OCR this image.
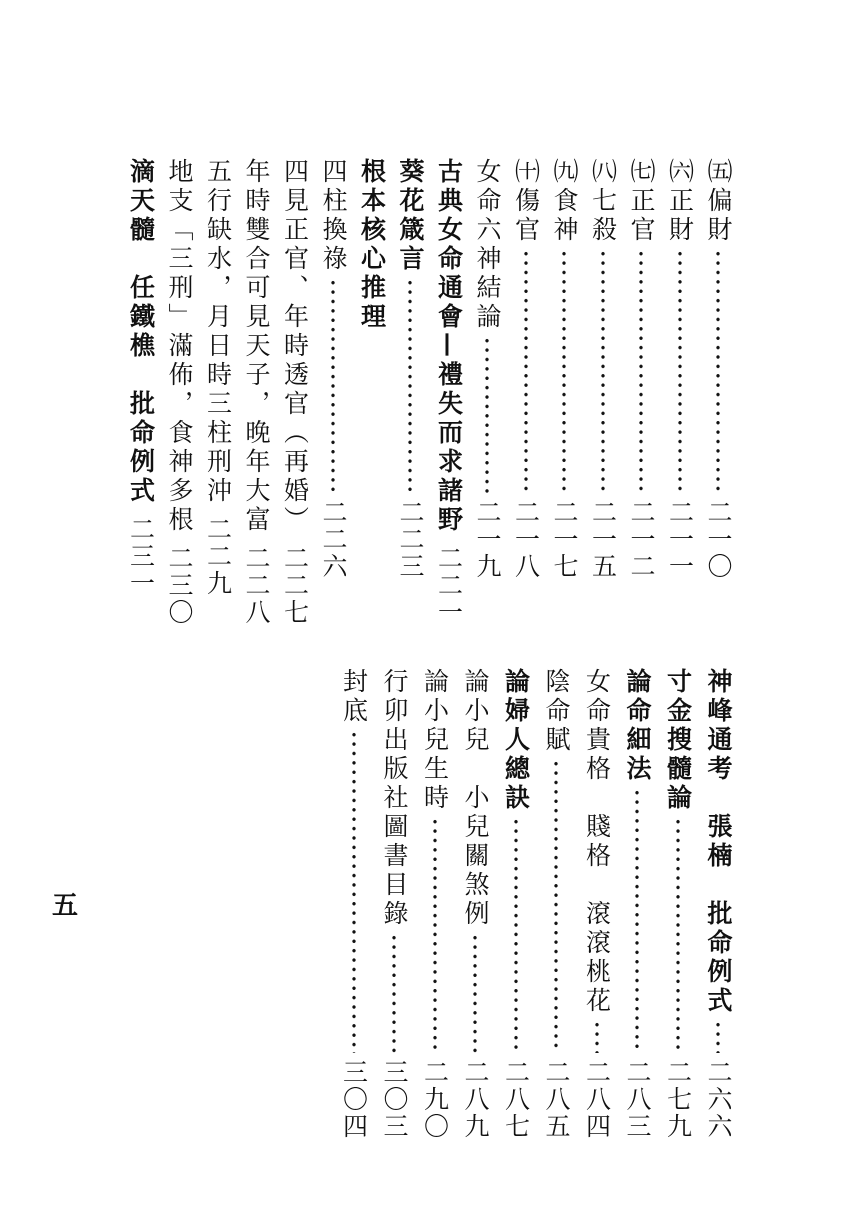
㈤偏財
二一〇
㈥正財
二一一
㈦正官
二一二
㈧七殺
二一五
㈨食神
二一七
㈩傷官
二一八
女命六神結論
二一九
古典女命通會—禮失而求諸野
二二一
葵花箴言
二二三
根本核心推理
四柱換祿
二二六
四見正官、年時透官（再婚）
二二七
年時雙合可見天子，晚年大富
二二八
五行缺水，月日時三柱刑沖
二二九
地支「三刑」滿佈，食神多根
二三〇
滴天髓　任鐵樵　批命例式
二三一
神峰通考　張楠　批命例式
二六六
寸金搜髓論
二七九
論命細法
二八三
女命貴格　賤格　滾滾桃花
二八四
陰命賦
二八五
論婦人總訣
二八七
論小兒　小兒關煞例
二八九
論小兒生時
二九〇
行卯出版社圖書目錄
三〇三
封底
三〇四
五
